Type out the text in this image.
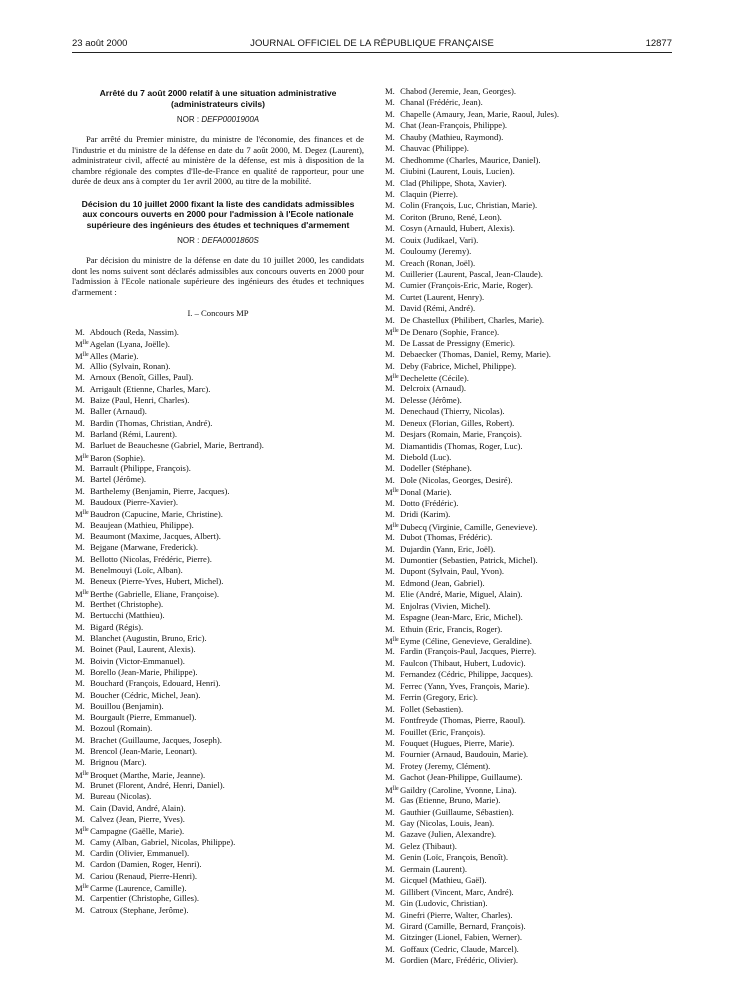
23 août 2000	JOURNAL OFFICIEL DE LA RÉPUBLIQUE FRANÇAISE	12877
Arrêté du 7 août 2000 relatif à une situation administrative (administrateurs civils)
NOR : DEFP0001900A

Par arrêté du Premier ministre, du ministre de l'économie, des finances et de l'industrie et du ministre de la défense en date du 7 août 2000, M. Degez (Laurent), administrateur civil, affecté au ministère de la défense, est mis à disposition de la chambre régionale des comptes d'Ile-de-France en qualité de rapporteur, pour une durée de deux ans à compter du 1er avril 2000, au titre de la mobilité.

Décision du 10 juillet 2000 fixant la liste des candidats admissibles aux concours ouverts en 2000 pour l'admission à l'Ecole nationale supérieure des ingénieurs des études et techniques d'armement
NOR : DEFA0001860S

Par décision du ministre de la défense en date du 10 juillet 2000, les candidats dont les noms suivent sont déclarés admissibles aux concours ouverts en 2000 pour l'admission à l'Ecole nationale supérieure des ingénieurs des études et techniques d'armement :

I. – Concours MP
M. Abdouch (Reda, Nassim).
$M^{lle}$ Agelan (Lyana, Joëlle).
$M^{lle}$ Alles (Marie).
M. Allio (Sylvain, Ronan).
M. Arnoux (Benoît, Gilles, Paul).
M. Arrigault (Etienne, Charles, Marc).
M. Baize (Paul, Henri, Charles).
M. Baller (Arnaud).
M. Bardin (Thomas, Christian, André).
M. Barland (Rémi, Laurent).
M. Barluet de Beauchesne (Gabriel, Marie, Bertrand).
$M^{lle}$ Baron (Sophie).
M. Barrault (Philippe, François).
M. Bartel (Jérôme).
M. Barthelemy (Benjamin, Pierre, Jacques).
M. Baudoux (Pierre-Xavier).
$M^{lle}$ Baudron (Capucine, Marie, Christine).
M. Beaujean (Mathieu, Philippe).
M. Beaumont (Maxime, Jacques, Albert).
M. Bejgane (Marwane, Frederick).
M. Bellotto (Nicolas, Frédéric, Pierre).
M. Benelmouyi (Loïc, Alban).
M. Beneux (Pierre-Yves, Hubert, Michel).
$M^{lle}$ Berthe (Gabrielle, Eliane, Françoise).
M. Berthet (Christophe).
M. Bertucchi (Matthieu).
M. Bigard (Régis).
M. Blanchet (Augustin, Bruno, Eric).
M. Boinet (Paul, Laurent, Alexis).
M. Boivin (Victor-Emmanuel).
M. Borello (Jean-Marie, Philippe).
M. Bouchard (François, Edouard, Henri).
M. Boucher (Cédric, Michel, Jean).
M. Bouillou (Benjamin).
M. Bourgault (Pierre, Emmanuel).
M. Bozoul (Romain).
M. Brachet (Guillaume, Jacques, Joseph).
M. Brencol (Jean-Marie, Leonart).
M. Brignou (Marc).
$M^{lle}$ Broquet (Marthe, Marie, Jeanne).
M. Brunet (Florent, André, Henri, Daniel).
M. Bureau (Nicolas).
M. Cain (David, André, Alain).
M. Calvez (Jean, Pierre, Yves).
$M^{lle}$ Campagne (Gaëlle, Marie).
M. Camy (Alban, Gabriel, Nicolas, Philippe).
M. Cardin (Olivier, Emmanuel).
M. Cardon (Damien, Roger, Henri).
M. Cariou (Renaud, Pierre-Henri).
$M^{lle}$ Carme (Laurence, Camille).
M. Carpentier (Christophe, Gilles).
M. Catroux (Stephane, Jerôme).
M. Chabod (Jeremie, Jean, Georges).
M. Chanal (Frédéric, Jean).
M. Chapelle (Amaury, Jean, Marie, Raoul, Jules).
M. Chat (Jean-François, Philippe).
M. Chauby (Mathieu, Raymond).
M. Chauvac (Philippe).
M. Chedhomme (Charles, Maurice, Daniel).
M. Ciubini (Laurent, Louis, Lucien).
M. Clad (Philippe, Shota, Xavier).
M. Claquin (Pierre).
M. Colin (François, Luc, Christian, Marie).
M. Coriton (Bruno, René, Leon).
M. Cosyn (Arnauld, Hubert, Alexis).
M. Couix (Judikael, Vari).
M. Couloumy (Jeremy).
M. Creach (Ronan, Joël).
M. Cuillerier (Laurent, Pascal, Jean-Claude).
M. Cumier (François-Eric, Marie, Roger).
M. Curtet (Laurent, Henry).
M. David (Rémi, André).
M. De Chastellux (Philibert, Charles, Marie).
$M^{lle}$ De Denaro (Sophie, France).
M. De Lassat de Pressigny (Emeric).
M. Debaecker (Thomas, Daniel, Remy, Marie).
M. Deby (Fabrice, Michel, Philippe).
$M^{lle}$ Dechelette (Cécile).
M. Delcroix (Arnaud).
M. Delesse (Jérôme).
M. Denechaud (Thierry, Nicolas).
M. Deneux (Florian, Gilles, Robert).
M. Desjars (Romain, Marie, François).
M. Diamantidis (Thomas, Roger, Luc).
M. Diebold (Luc).
M. Dodeller (Stéphane).
M. Dole (Nicolas, Georges, Desiré).
$M^{lle}$ Donal (Marie).
M. Dotto (Frédéric).
M. Dridi (Karim).
$M^{lle}$ Dubecq (Virginie, Camille, Genevieve).
M. Dubot (Thomas, Frédéric).
M. Dujardin (Yann, Eric, Joël).
M. Dumontier (Sebastien, Patrick, Michel).
M. Dupont (Sylvain, Paul, Yvon).
M. Edmond (Jean, Gabriel).
M. Elie (André, Marie, Miguel, Alain).
M. Enjolras (Vivien, Michel).
M. Espagne (Jean-Marc, Eric, Michel).
M. Ethuin (Eric, Francis, Roger).
$M^{lle}$ Eyme (Céline, Genevieve, Geraldine).
M. Fardin (François-Paul, Jacques, Pierre).
M. Faulcon (Thibaut, Hubert, Ludovic).
M. Fernandez (Cédric, Philippe, Jacques).
M. Ferrec (Yann, Yves, François, Marie).
M. Ferrin (Gregory, Eric).
M. Follet (Sebastien).
M. Fontfreyde (Thomas, Pierre, Raoul).
M. Fouillet (Eric, François).
M. Fouquet (Hugues, Pierre, Marie).
M. Fournier (Arnaud, Baudouin, Marie).
M. Frotey (Jeremy, Clément).
M. Gachot (Jean-Philippe, Guillaume).
$M^{lle}$ Gaildry (Caroline, Yvonne, Lina).
M. Gas (Etienne, Bruno, Marie).
M. Gauthier (Guillaume, Sébastien).
M. Gay (Nicolas, Louis, Jean).
M. Gazave (Julien, Alexandre).
M. Gelez (Thibaut).
M. Genin (Loïc, François, Benoît).
M. Germain (Laurent).
M. Gicquel (Mathieu, Gaël).
M. Gillibert (Vincent, Marc, André).
M. Gin (Ludovic, Christian).
M. Ginefri (Pierre, Walter, Charles).
M. Girard (Camille, Bernard, François).
M. Gitzinger (Lionel, Fabien, Werner).
M. Goffaux (Cedric, Claude, Marcel).
M. Gordien (Marc, Frédéric, Olivier).
